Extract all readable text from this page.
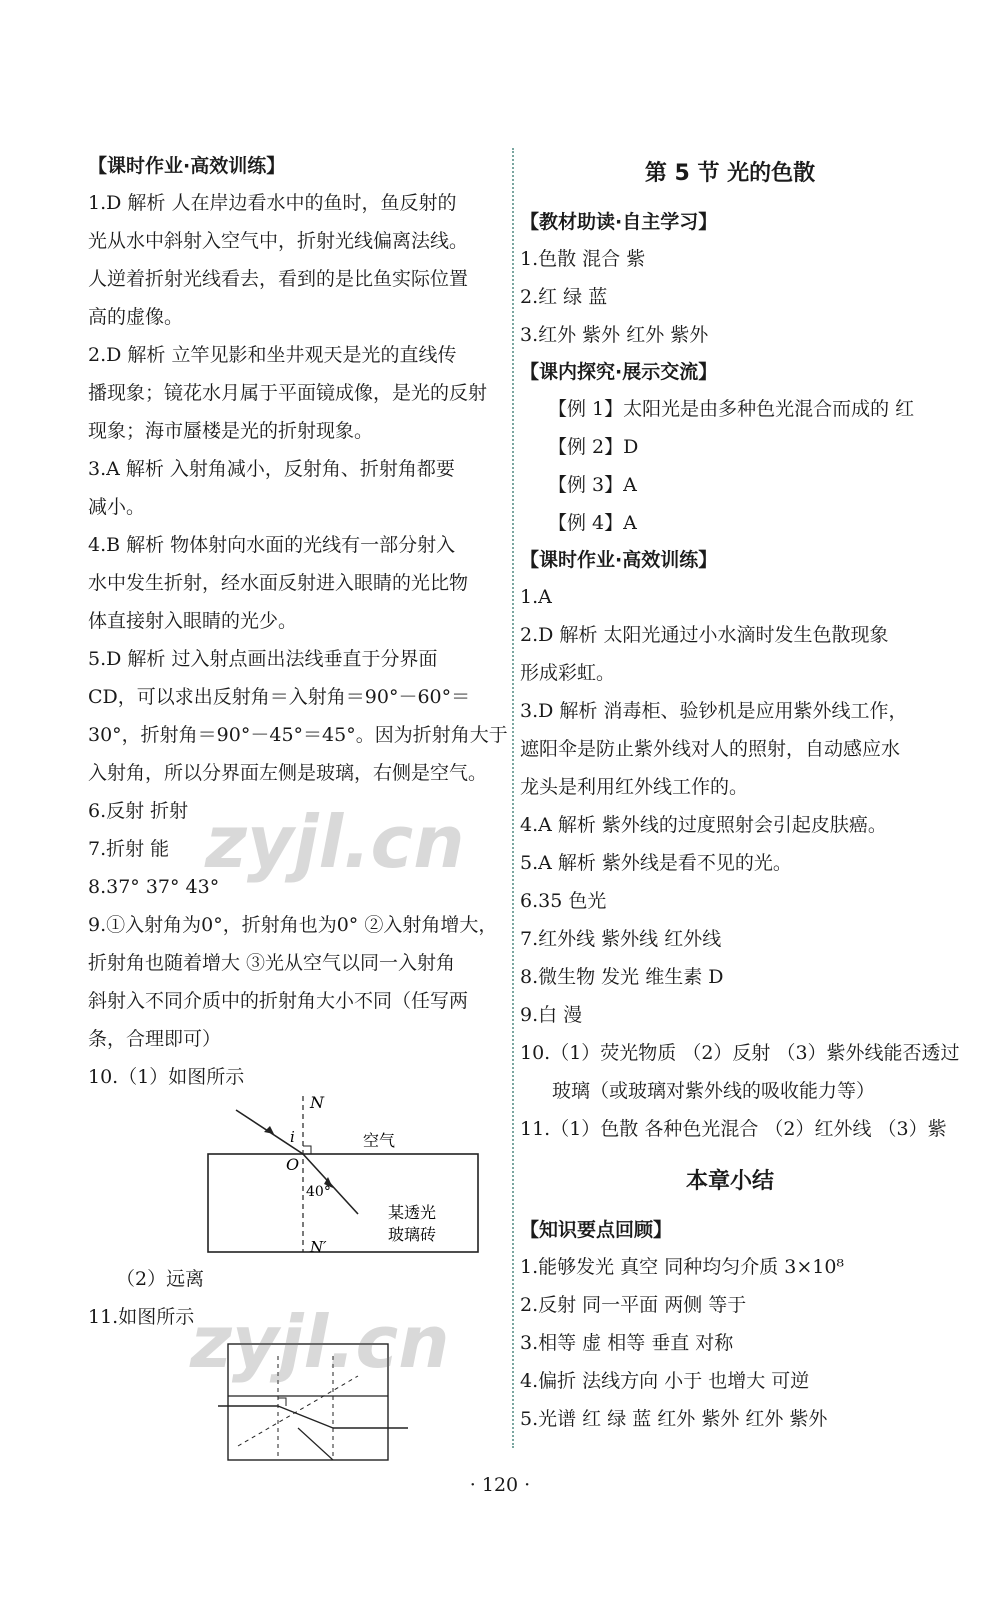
【课时作业·高效训练】

1.D 解析 人在岸边看水中的鱼时，鱼反射的

光从水中斜射入空气中，折射光线偏离法线。

人逆着折射光线看去，看到的是比鱼实际位置

高的虚像。

2.D 解析 立竿见影和坐井观天是光的直线传

播现象；镜花水月属于平面镜成像，是光的反射

现象；海市蜃楼是光的折射现象。

3.A 解析 入射角减小，反射角、折射角都要

减小。

4.B 解析 物体射向水面的光线有一部分射入

水中发生折射，经水面反射进入眼睛的光比物

体直接射入眼睛的光少。

5.D 解析 过入射点画出法线垂直于分界面

CD，可以求出反射角＝入射角＝90°－60°＝

30°，折射角＝90°－45°＝45°。因为折射角大于

入射角，所以分界面左侧是玻璃，右侧是空气。

6.反射 折射

7.折射 能

8.37° 37° 43°

9.①入射角为0°，折射角也为0° ②入射角增大，

折射角也随着增大 ③光从空气以同一入射角

斜射入不同介质中的折射角大小不同（任写两

条，合理即可）

10.（1）如图所示

N
i
O
N′
空气
40°
某透光
玻璃砖

（2）远离

11.如图所示

第 5 节 光的色散

【教材助读·自主学习】

1.色散 混合 紫

2.红 绿 蓝

3.红外 紫外 红外 紫外

【课内探究·展示交流】

【例 1】太阳光是由多种色光混合而成的 红

【例 2】D

【例 3】A

【例 4】A

【课时作业·高效训练】

1.A

2.D 解析 太阳光通过小水滴时发生色散现象

形成彩虹。

3.D 解析 消毒柜、验钞机是应用紫外线工作，

遮阳伞是防止紫外线对人的照射，自动感应水

龙头是利用红外线工作的。

4.A 解析 紫外线的过度照射会引起皮肤癌。

5.A 解析 紫外线是看不见的光。

6.35 色光

7.红外线 紫外线 红外线

8.微生物 发光 维生素 D

9.白 漫

10.（1）荧光物质 （2）反射 （3）紫外线能否透过

玻璃（或玻璃对紫外线的吸收能力等）

11.（1）色散 各种色光混合 （2）红外线 （3）紫

本章小结

【知识要点回顾】

1.能够发光 真空 同种均匀介质 3×10⁸

2.反射 同一平面 两侧 等于

3.相等 虚 相等 垂直 对称

4.偏折 法线方向 小于 也增大 可逆

5.光谱 红 绿 蓝 红外 紫外 红外 紫外

· 120 ·
zyjl.cn
zyjl.cn
